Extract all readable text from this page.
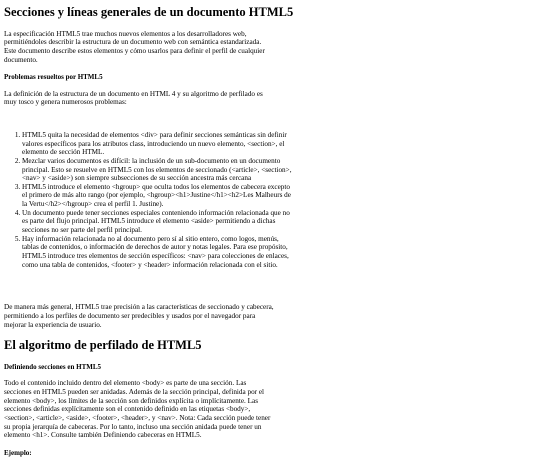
Secciones y líneas generales de un documento HTML5

La especificación HTML5 trae muchos nuevos elementos a los desarrolladores web, permitiéndoles describir la estructura de un documento web con semántica estandarizada. Este documento describe estos elementos y cómo usarlos para definir el perfil de cualquier documento.

Problemas resueltos por HTML5

La definición de la estructura de un documento en HTML 4 y su algoritmo de perfilado es muy tosco y genera numerosos problemas:

1. HTML5 quita la necesidad de elementos <div> para definir secciones semánticas sin definir valores específicos para los atributos class, introduciendo un nuevo elemento, <section>, el elemento de sección HTML.
2. Mezclar varios documentos es difícil: la inclusión de un sub-documento en un documento principal. Esto se resuelve en HTML5 con los elementos de seccionado (<article>, <section>, <nav> y <aside>) son siempre subsecciones de su sección ancestra más cercana
3. HTML5 introduce el elemento <hgroup> que oculta todos los elementos de cabecera excepto el primero de más alto rango (por ejemplo, <hgroup><h1>Justine</h1><h2>Les Malheurs de la Vertu</h2></hgroup> crea el perfil 1. Justine).
4. Un documento puede tener secciones especiales conteniendo información relacionada que no es parte del flujo principal. HTML5 introduce el elemento <aside> permitiendo a dichas secciones no ser parte del perfil principal.
5. Hay información relacionada no al documento pero sí al sitio entero, como logos, menús, tablas de contenidos, o información de derechos de autor y notas legales. Para ese propósito, HTML5 introduce tres elementos de sección específicos: <nav> para colecciones de enlaces, como una tabla de contenidos, <footer> y <header> información relacionada con el sitio.

De manera más general, HTML5 trae precisión a las características de seccionado y cabecera, permitiendo a los perfiles de documento ser predecibles y usados por el navegador para mejorar la experiencia de usuario.

El algoritmo de perfilado de HTML5
Definiendo secciones en HTML5

Todo el contenido incluido dentro del elemento <body> es parte de una sección. Las secciones en HTML5 pueden ser anidadas. Además de la sección principal, definida por el elemento <body>, los límites de la sección son definidos explícita o implícitamente. Las secciones definidas explícitamente son el contenido definido en las etiquetas <body>, <section>, <article>, <aside>, <footer>, <header>, y <nav>. Nota: Cada sección puede tener su propia jerarquía de cabeceras. Por lo tanto, incluso una sección anidada puede tener un elemento <h1>. Consulte también Definiendo cabeceras en HTML5.

Ejemplo:
